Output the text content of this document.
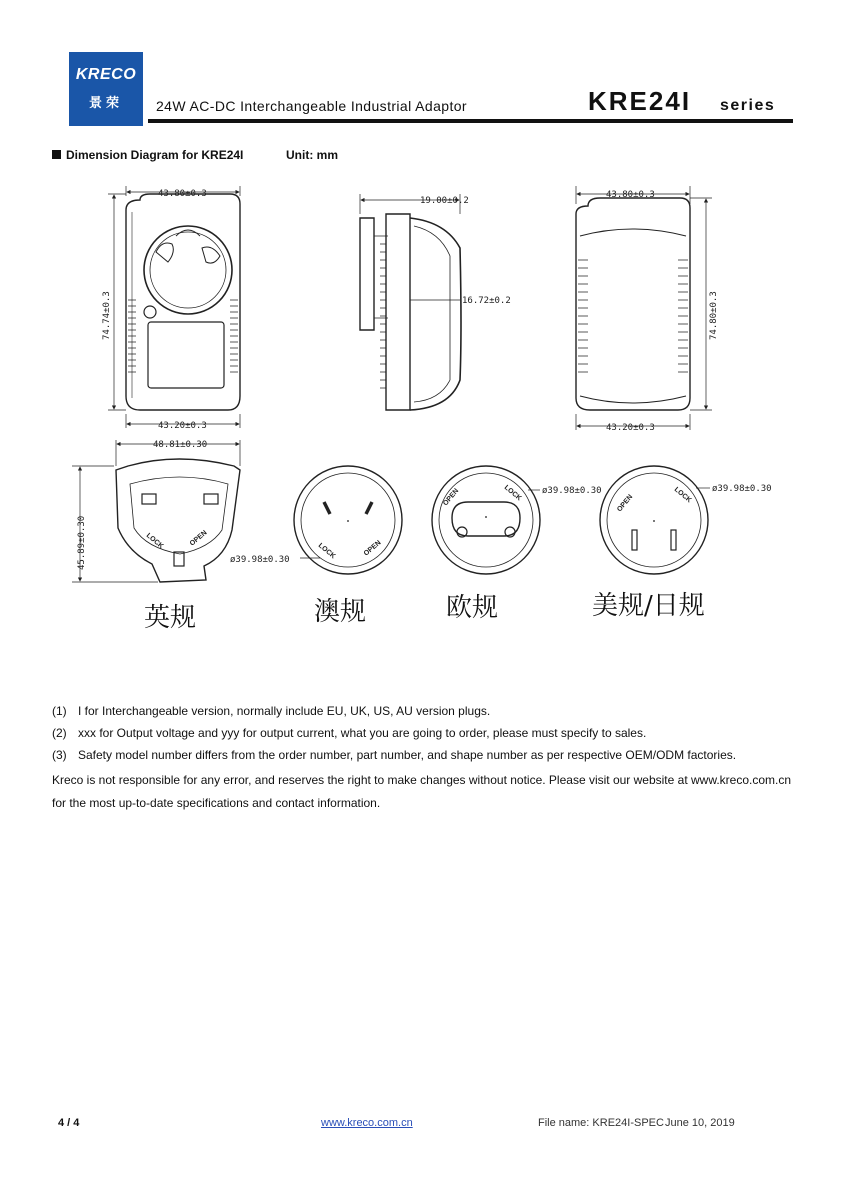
KRECO
景荣	24W AC-DC Interchangeable Industrial Adaptor	KRE24I series
Dimension Diagram for KRE24I	Unit: mm
43.80±0.3
43.20±0.3
74.74±0.3
19.00±0.2
16.72±0.2
43.80±0.3
43.20±0.3
74.80±0.3
LOCK	OPEN
48.81±0.30
45.89±0.30	LOCK	OPEN
ø39.98±0.30
OPEN	LOCK ø39.98±0.30
OPEN	LOCK ø39.98±0.30
英规	澳规	欧规	美规/日规
(1) I for Interchangeable version, normally include EU, UK, US, AU version plugs.
(2) xxx for Output voltage and yyy for output current, what you are going to order, please must specify to sales.
(3) Safety model number differs from the order number, part number, and shape number as per respective OEM/ODM factories.
Kreco is not responsible for any error, and reserves the right to make changes without notice. Please visit our website at www.kreco.com.cn for the most up-to-date specifications and contact information.
4 / 4	www.kreco.com.cn	File name: KRE24I-SPEC June 10, 2019
